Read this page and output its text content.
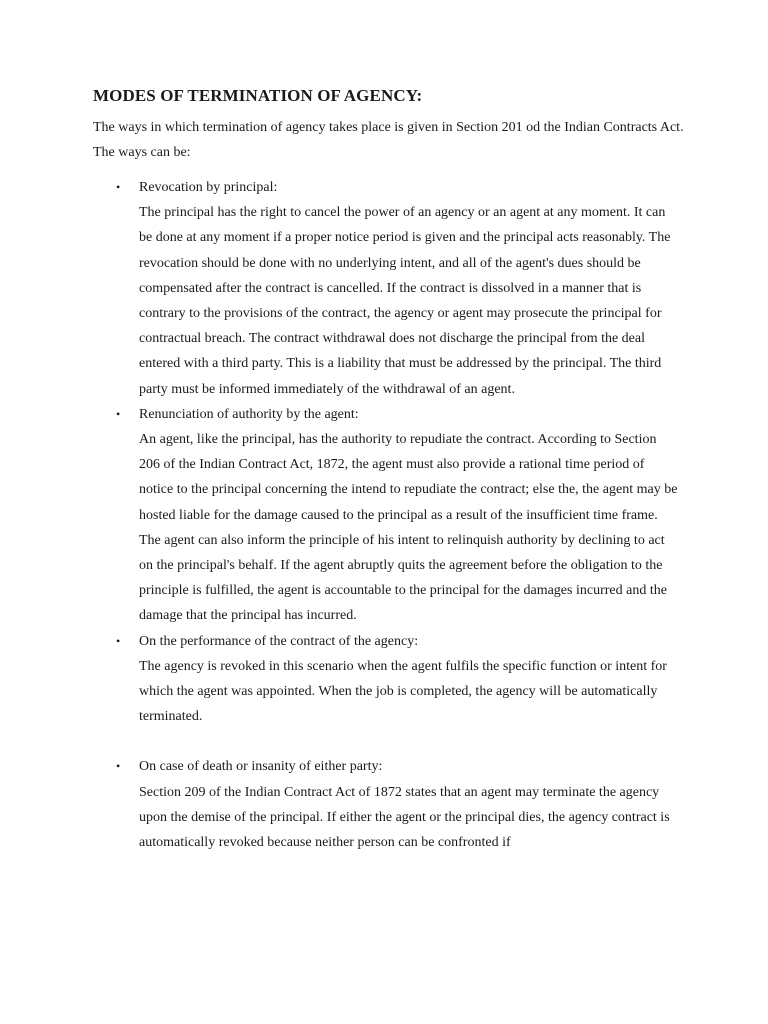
MODES OF TERMINATION OF AGENCY:
The ways in which termination of agency takes place is given in Section 201 od the Indian Contracts Act. The ways can be:
• Revocation by principal:
The principal has the right to cancel the power of an agency or an agent at any moment. It can be done at any moment if a proper notice period is given and the principal acts reasonably. The revocation should be done with no underlying intent, and all of the agent's dues should be compensated after the contract is cancelled. If the contract is dissolved in a manner that is contrary to the provisions of the contract, the agency or agent may prosecute the principal for contractual breach. The contract withdrawal does not discharge the principal from the deal entered with a third party. This is a liability that must be addressed by the principal. The third party must be informed immediately of the withdrawal of an agent.
• Renunciation of authority by the agent:
An agent, like the principal, has the authority to repudiate the contract. According to Section 206 of the Indian Contract Act, 1872, the agent must also provide a rational time period of notice to the principal concerning the intend to repudiate the contract; else the, the agent may be hosted liable for the damage caused to the principal as a result of the insufficient time frame. The agent can also inform the principle of his intent to relinquish authority by declining to act on the principal's behalf. If the agent abruptly quits the agreement before the obligation to the principle is fulfilled, the agent is accountable to the principal for the damages incurred and the damage that the principal has incurred.
• On the performance of the contract of the agency:
The agency is revoked in this scenario when the agent fulfils the specific function or intent for which the agent was appointed. When the job is completed, the agency will be automatically terminated.
• On case of death or insanity of either party:
Section 209 of the Indian Contract Act of 1872 states that an agent may terminate the agency upon the demise of the principal. If either the agent or the principal dies, the agency contract is automatically revoked because neither person can be confronted if
